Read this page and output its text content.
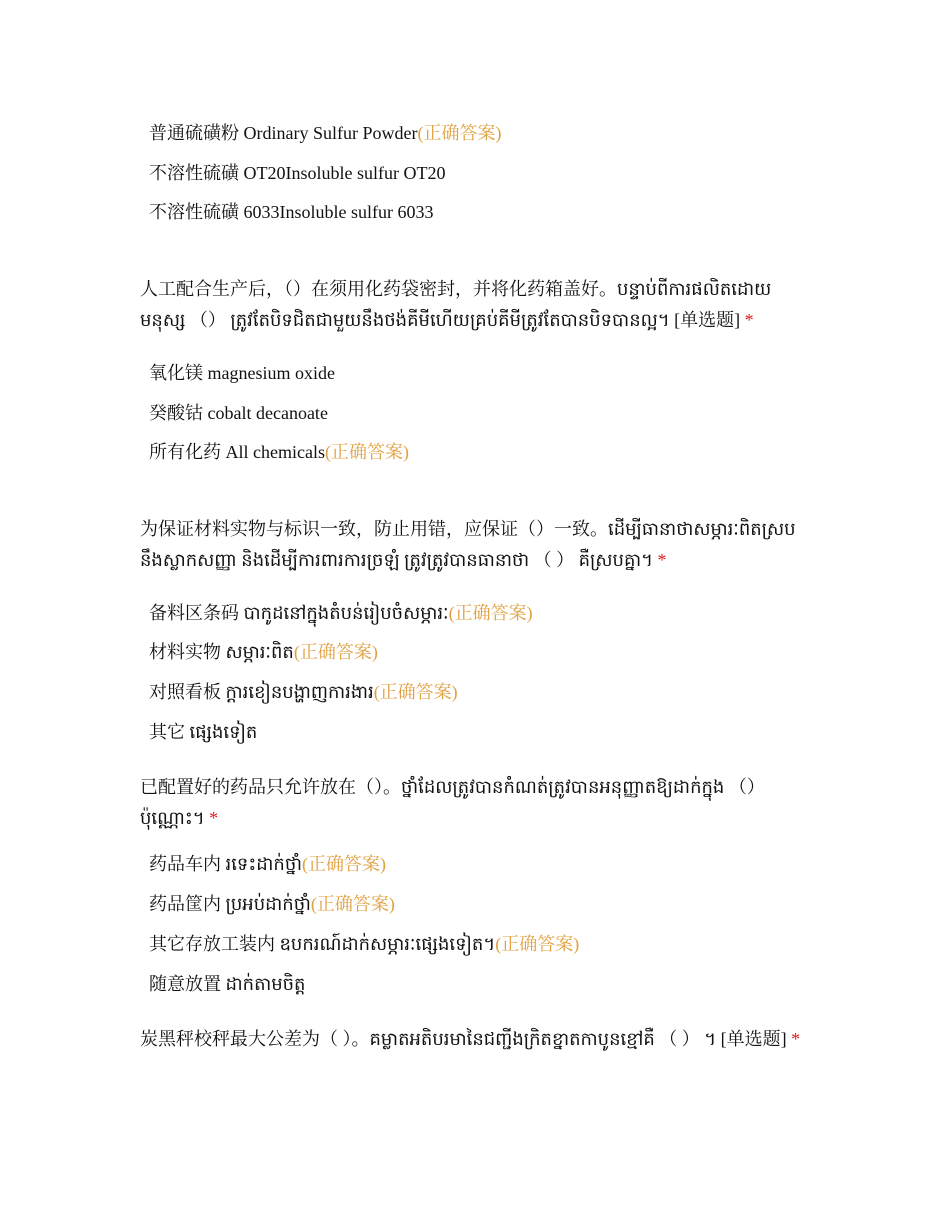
普通硫磺粉 Ordinary Sulfur Powder(正确答案)
不溶性硫磺 OT20Insoluble sulfur OT20
不溶性硫磺 6033Insoluble sulfur 6033
人工配合生产后，（）在须用化药袋密封，并将化药箱盖好。បន្ទាប់ពីការផលិតដោយមនុស្ស （） ត្រូវតែបិទជិតជាមួយនឹងថង់គីមីហើយគ្រប់គីមីត្រូវតែបានបិទបានល្អ។ [单选题] *
氧化镁 magnesium oxide
癸酸钴 cobalt decanoate
所有化药 All chemicals(正确答案)
为保证材料实物与标识一致，防止用错，应保证（）一致。ដើម្បីធានាថាសម្ភារៈពិតស្របនឹងស្លាកសញ្ញា និងដើម្បីការពារការច្រឡំ ត្រូវត្រូវបានធានាថា （ ） គឺស្របគ្នា។ *
备料区条码 បាកូដនៅក្នុងតំបន់រៀបចំសម្ភារៈ(正确答案)
材料实物 សម្ភារៈពិត(正确答案)
对照看板 ក្ដារខៀនបង្ហាញការងារ(正确答案)
其它 ផ្សេងទៀត
已配置好的药品只允许放在（）。ថ្នាំដែលត្រូវបានកំណត់ត្រូវបានអនុញ្ញាតឱ្យដាក់ក្នុង （） ប៉ុណ្ណោះ។ *
药品车内 រទេះដាក់ថ្នាំ(正确答案)
药品筐内 ប្រអប់ដាក់ថ្នាំ(正确答案)
其它存放工装内 ឧបករណ៍ដាក់សម្ភារៈផ្សេងទៀត។(正确答案)
随意放置 ដាក់តាមចិត្ត
炭黑秤校秤最大公差为（ ）。គម្លាតអតិបរមានៃជញ្ជីងក្រិតខ្នាតកាបូនខ្មៅគឺ （ ） ។ [单选题] *
